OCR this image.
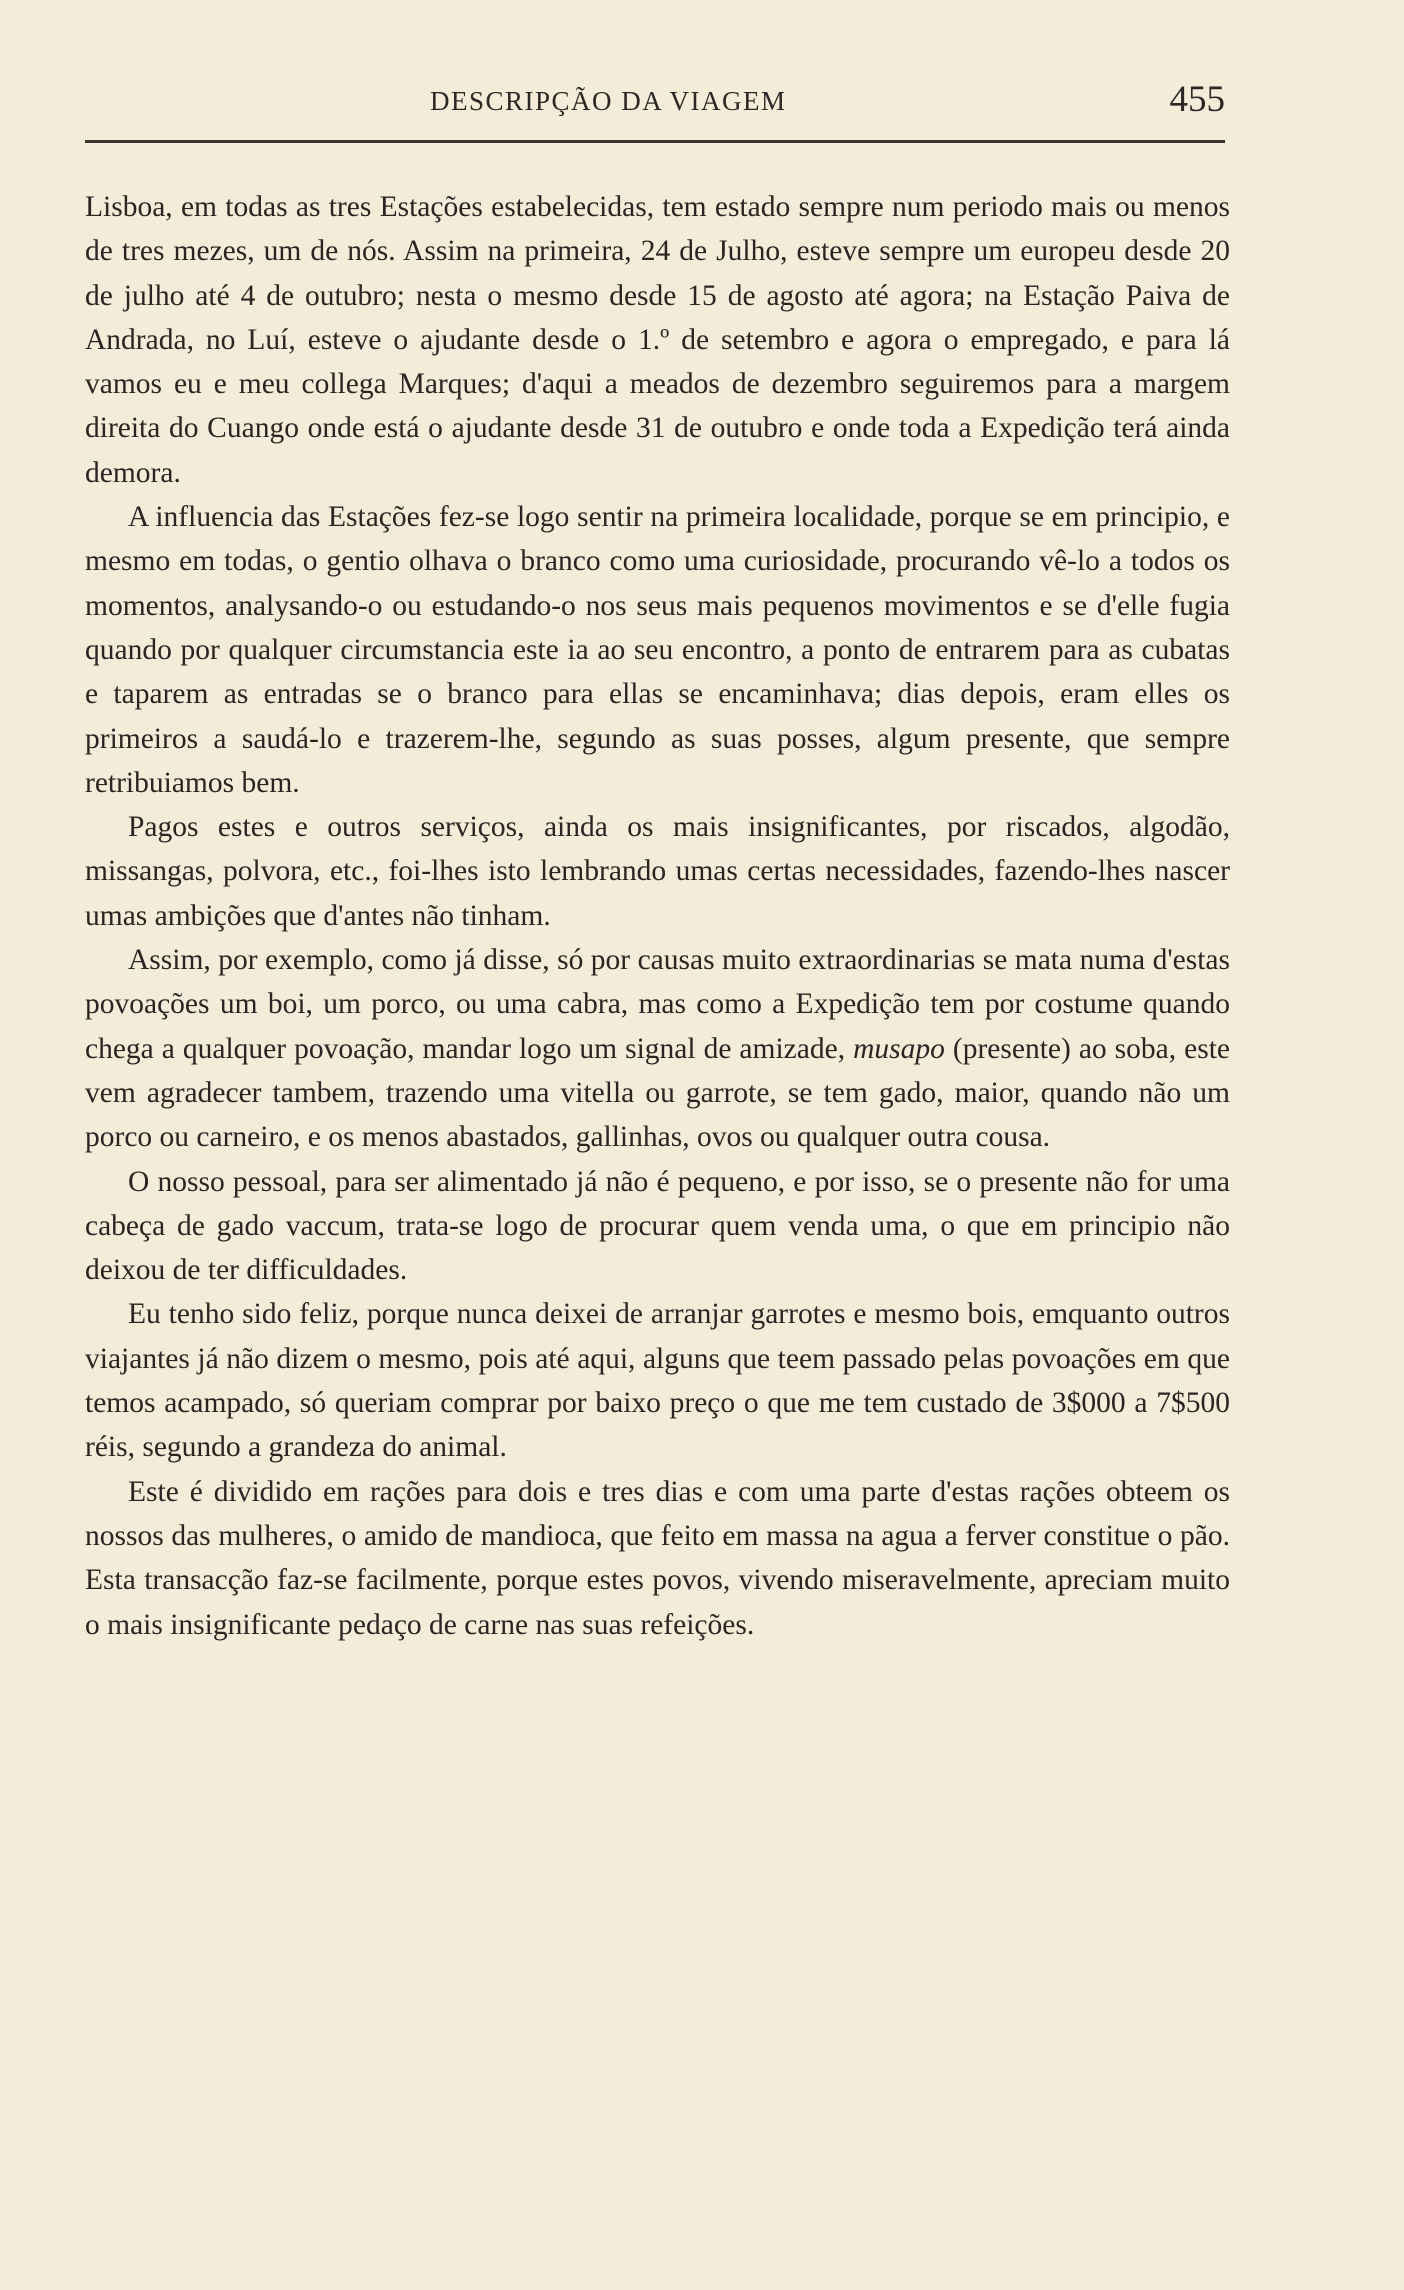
DESCRIPÇÃO DA VIAGEM	455

Lisboa, em todas as tres Estações estabelecidas, tem estado sempre num periodo mais ou menos de tres mezes, um de nós. Assim na primeira, 24 de Julho, esteve sempre um europeu desde 20 de julho até 4 de outubro; nesta o mesmo desde 15 de agosto até agora; na Estação Paiva de Andrada, no Luí, esteve o ajudante desde o 1.º de setembro e agora o empregado, e para lá vamos eu e meu collega Marques; d'aqui a meados de dezembro seguiremos para a margem direita do Cuango onde está o ajudante desde 31 de outubro e onde toda a Expedição terá ainda demora.

A influencia das Estações fez-se logo sentir na primeira localidade, porque se em principio, e mesmo em todas, o gentio olhava o branco como uma curiosidade, procurando vê-lo a todos os momentos, analysando-o ou estudando-o nos seus mais pequenos movimentos e se d'elle fugia quando por qualquer circumstancia este ia ao seu encontro, a ponto de entrarem para as cubatas e taparem as entradas se o branco para ellas se encaminhava; dias depois, eram elles os primeiros a saudá-lo e trazerem-lhe, segundo as suas posses, algum presente, que sempre retribuiamos bem.

Pagos estes e outros serviços, ainda os mais insignificantes, por riscados, algodão, missangas, polvora, etc., foi-lhes isto lembrando umas certas necessidades, fazendo-lhes nascer umas ambições que d'antes não tinham.

Assim, por exemplo, como já disse, só por causas muito extraordinarias se mata numa d'estas povoações um boi, um porco, ou uma cabra, mas como a Expedição tem por costume quando chega a qualquer povoação, mandar logo um signal de amizade, musapo (presente) ao soba, este vem agradecer tambem, trazendo uma vitella ou garrote, se tem gado, maior, quando não um porco ou carneiro, e os menos abastados, gallinhas, ovos ou qualquer outra cousa.

O nosso pessoal, para ser alimentado já não é pequeno, e por isso, se o presente não for uma cabeça de gado vaccum, trata-se logo de procurar quem venda uma, o que em principio não deixou de ter difficuldades.

Eu tenho sido feliz, porque nunca deixei de arranjar garrotes e mesmo bois, emquanto outros viajantes já não dizem o mesmo, pois até aqui, alguns que teem passado pelas povoações em que temos acampado, só queriam comprar por baixo preço o que me tem custado de 3$000 a 7$500 réis, segundo a grandeza do animal.

Este é dividido em rações para dois e tres dias e com uma parte d'estas rações obteem os nossos das mulheres, o amido de mandioca, que feito em massa na agua a ferver constitue o pão. Esta transacção faz-se facilmente, porque estes povos, vivendo miseravelmente, apreciam muito o mais insignificante pedaço de carne nas suas refeições.
